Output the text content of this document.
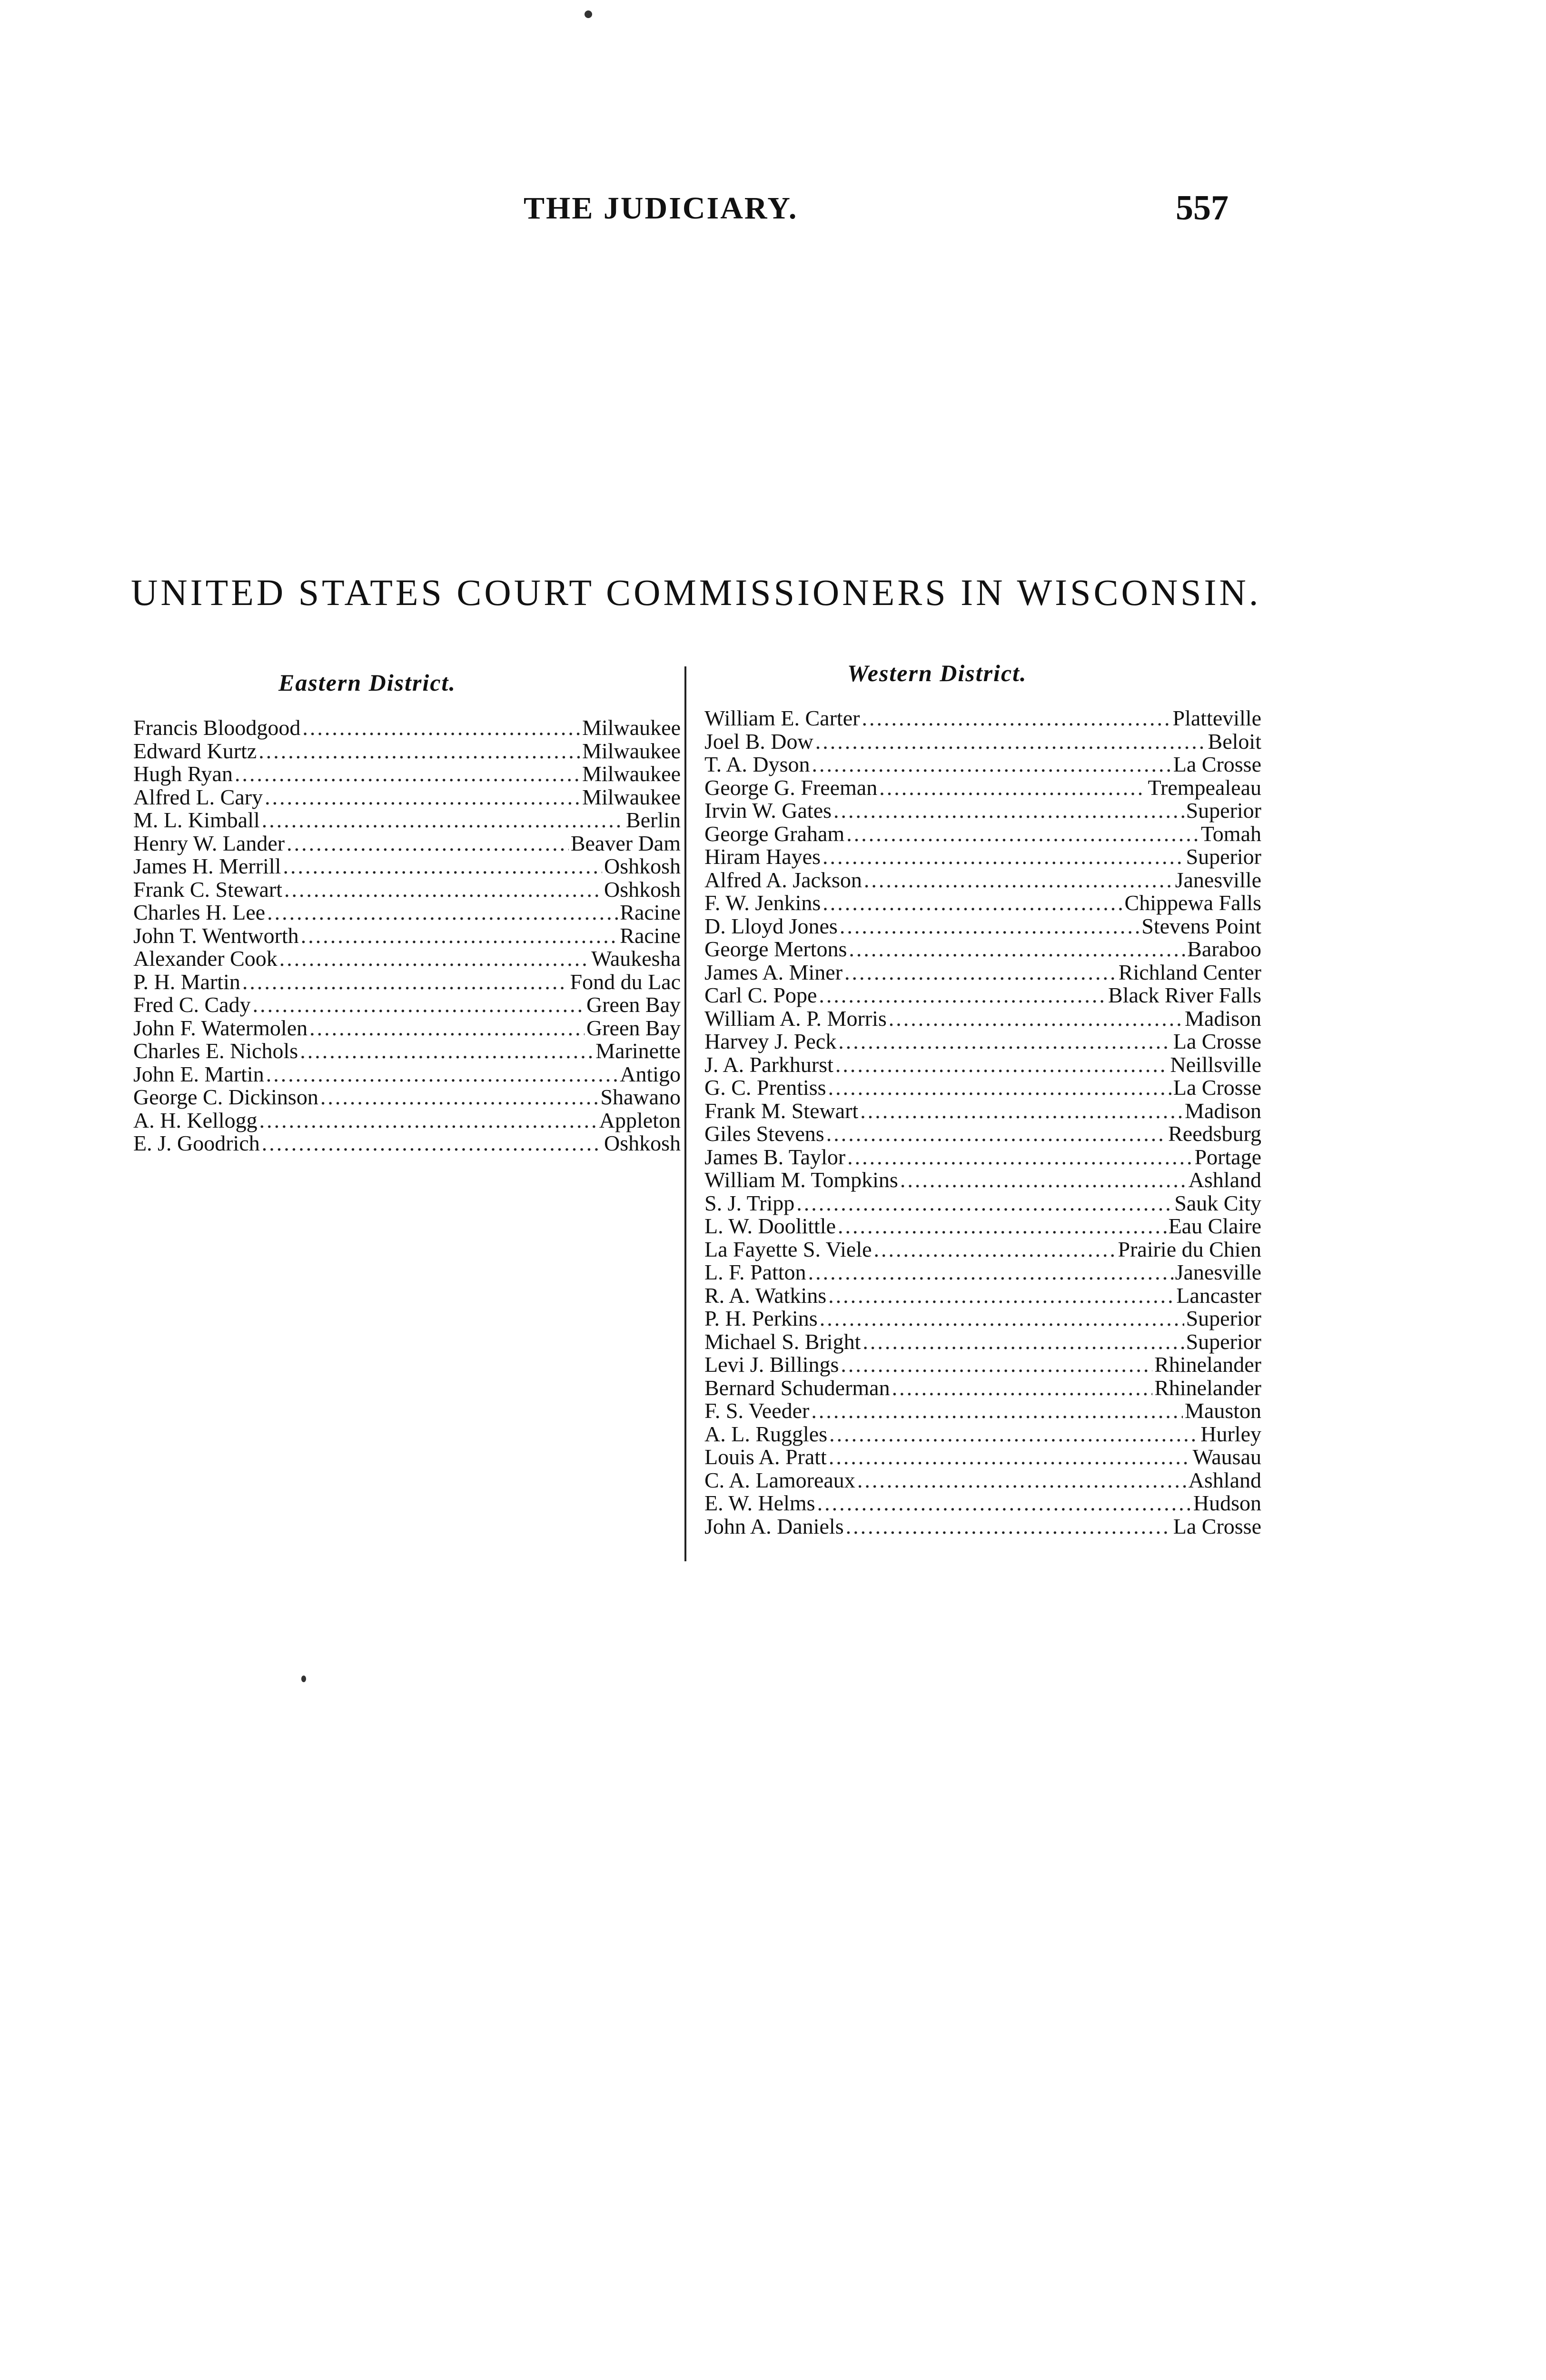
THE JUDICIARY.	557
UNITED STATES COURT COMMISSIONERS IN WISCONSIN.
Eastern District.	Western District.
Francis Bloodgood .....	Milwaukee
Edward Kurtz .....	Milwaukee
Hugh Ryan .....	Milwaukee
Alfred L. Cary .....	Milwaukee
M. L. Kimball .....	Berlin
Henry W. Lander .....	Beaver Dam
James H. Merrill .....	Oshkosh
Frank C. Stewart .....	Oshkosh
Charles H. Lee .....	Racine
John T. Wentworth .....	Racine
Alexander Cook .....	Waukesha
P. H. Martin .....	Fond du Lac
Fred C. Cady .....	Green Bay
John F. Watermolen .....	Green Bay
Charles E. Nichols .....	Marinette
John E. Martin .....	Antigo
George C. Dickinson .....	Shawano
A. H. Kellogg .....	Appleton
E. J. Goodrich .....	Oshkosh
William E. Carter .....	Platteville
Joel B. Dow .....	Beloit
T. A. Dyson .....	La Crosse
George G. Freeman .....	Trempealeau
Irvin W. Gates .....	Superior
George Graham .....	Tomah
Hiram Hayes .....	Superior
Alfred A. Jackson .....	Janesville
F. W. Jenkins .....	Chippewa Falls
D. Lloyd Jones .....	Stevens Point
George Mertons .....	Baraboo
James A. Miner .....	Richland Center
Carl C. Pope .....	Black River Falls
William A. P. Morris .....	Madison
Harvey J. Peck .....	La Crosse
J. A. Parkhurst .....	Neillsville
G. C. Prentiss .....	La Crosse
Frank M. Stewart .....	Madison
Giles Stevens .....	Reedsburg
James B. Taylor .....	Portage
William M. Tompkins .....	Ashland
S. J. Tripp .....	Sauk City
L. W. Doolittle .....	Eau Claire
La Fayette S. Viele .....	Prairie du Chien
L. F. Patton .....	Janesville
R. A. Watkins .....	Lancaster
P. H. Perkins .....	Superior
Michael S. Bright .....	Superior
Levi J. Billings .....	Rhinelander
Bernard Schuderman .....	Rhinelander
F. S. Veeder .....	Mauston
A. L. Ruggles .....	Hurley
Louis A. Pratt .....	Wausau
C. A. Lamoreaux .....	Ashland
E. W. Helms .....	Hudson
John A. Daniels .....	La Crosse
